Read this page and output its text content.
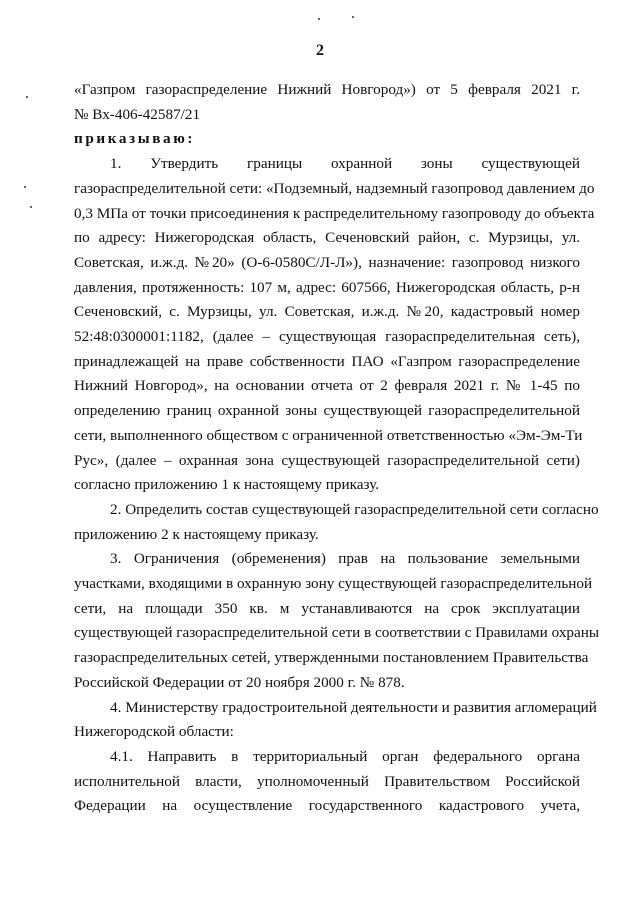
2
«Газпром газораспределение Нижний Новгород») от 5 февраля 2021 г.
№ Вх-406-42587/21
приказываю:
1. Утвердить границы охранной зоны существующей
газораспределительной сети: «Подземный, надземный газопровод давлением до
0,3 МПа от точки присоединения к распределительному газопроводу до объекта
по адресу: Нижегородская область, Сеченовский район, с. Мурзицы, ул.
Советская, и.ж.д. №20» (О-6-0580С/Л-Л»), назначение: газопровод низкого
давления, протяженность: 107 м, адрес: 607566, Нижегородская область, р-н
Сеченовский, с. Мурзицы, ул. Советская, и.ж.д. №20, кадастровый номер
52:48:0300001:1182, (далее – существующая газораспределительная сеть),
принадлежащей на праве собственности ПАО «Газпром газораспределение
Нижний Новгород», на основании отчета от 2 февраля 2021 г. № 1-45 по
определению границ охранной зоны существующей газораспределительной
сети, выполненного обществом с ограниченной ответственностью «Эм-Эм-Ти
Рус», (далее – охранная зона существующей газораспределительной сети)
согласно приложению 1 к настоящему приказу.
2. Определить состав существующей газораспределительной сети согласно
приложению 2 к настоящему приказу.
3. Ограничения (обременения) прав на пользование земельными
участками, входящими в охранную зону существующей газораспределительной
сети, на площади 350 кв. м устанавливаются на срок эксплуатации
существующей газораспределительной сети в соответствии с Правилами охраны
газораспределительных сетей, утвержденными постановлением Правительства
Российской Федерации от 20 ноября 2000 г. № 878.
4. Министерству градостроительной деятельности и развития агломераций
Нижегородской области:
4.1. Направить в территориальный орган федерального органа
исполнительной власти, уполномоченный Правительством Российской
Федерации на осуществление государственного кадастрового учета,
